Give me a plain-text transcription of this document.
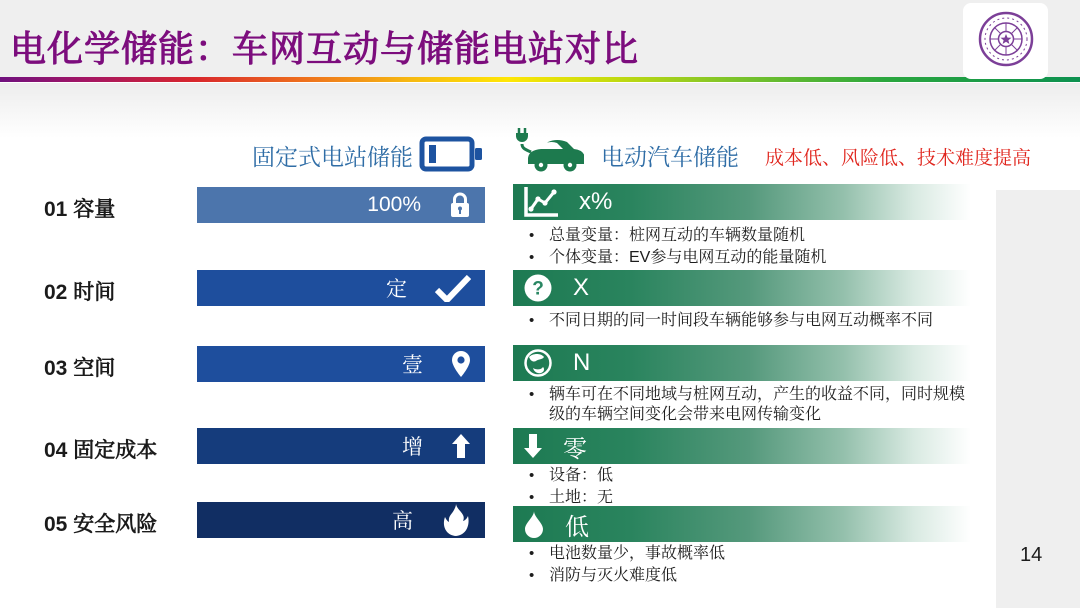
电化学储能：车网互动与储能电站对比
固定式电站储能	电动汽车储能 成本低、风险低、技术难度提高
01 容量	100%	x%
• 总量变量：桩网互动的车辆数量随机
• 个体变量：EV参与电网互动的能量随机
02 时间	定	? X
• 不同日期的同一时间段车辆能够参与电网互动概率不同
03 空间	壹	N
• 辆车可在不同地域与桩网互动，产生的收益不同，同时规模级的车辆空间变化会带来电网传输变化
04 固定成本	增	零
• 设备：低
• 土地：无
05 安全风险	高	低
• 电池数量少，事故概率低
• 消防与灭火难度低
14
